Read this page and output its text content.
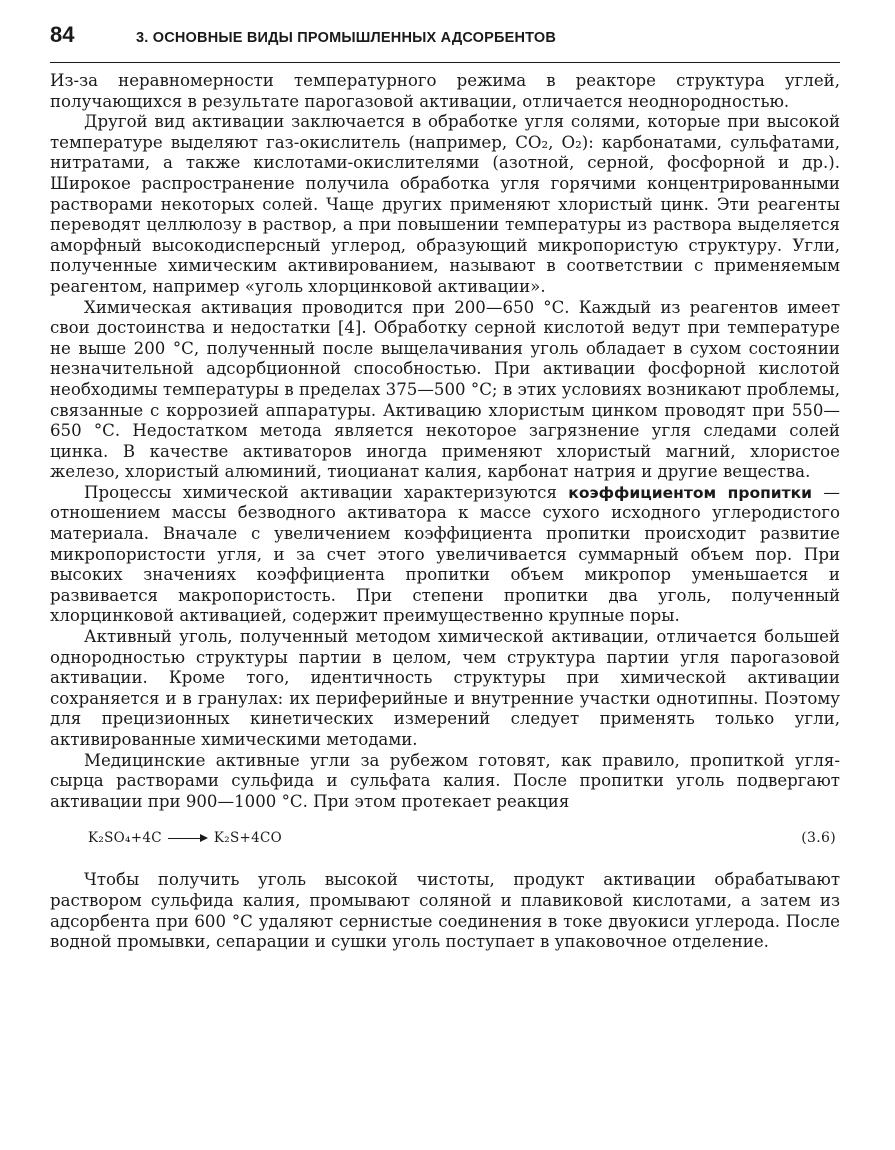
84	3. ОСНОВНЫЕ ВИДЫ ПРОМЫШЛЕННЫХ АДСОРБЕНТОВ

Из-за неравномерности температурного режима в реакторе структура углей, получающихся в результате парогазовой активации, отличается неоднородностью.

Другой вид активации заключается в обработке угля солями, которые при высокой температуре выделяют газ-окислитель (например, CO₂, O₂): карбонатами, сульфатами, нитратами, а также кислотами-окислителями (азотной, серной, фосфорной и др.). Широкое распространение получила обработка угля горячими концентрированными растворами некоторых солей. Чаще других применяют хлористый цинк. Эти реагенты переводят целлюлозу в раствор, а при повышении температуры из раствора выделяется аморфный высокодисперсный углерод, образующий микропористую структуру. Угли, полученные химическим активированием, называют в соответствии с применяемым реагентом, например «уголь хлорцинковой активации».

Химическая активация проводится при 200—650 °С. Каждый из реагентов имеет свои достоинства и недостатки [4]. Обработку серной кислотой ведут при температуре не выше 200 °С, полученный после выщелачивания уголь обладает в сухом состоянии незначительной адсорбционной способностью. При активации фосфорной кислотой необходимы температуры в пределах 375—500 °С; в этих условиях возникают проблемы, связанные с коррозией аппаратуры. Активацию хлористым цинком проводят при 550—650 °С. Недостатком метода является некоторое загрязнение угля следами солей цинка. В качестве активаторов иногда применяют хлористый магний, хлористое железо, хлористый алюминий, тиоцианат калия, карбонат натрия и другие вещества.

Процессы химической активации характеризуются коэффициентом пропитки — отношением массы безводного активатора к массе сухого исходного углеродистого материала. Вначале с увеличением коэффициента пропитки происходит развитие микропористости угля, и за счет этого увеличивается суммарный объем пор. При высоких значениях коэффициента пропитки объем микропор уменьшается и развивается макропористость. При степени пропитки два уголь, полученный хлорцинковой активацией, содержит преимущественно крупные поры.

Активный уголь, полученный методом химической активации, отличается большей однородностью структуры партии в целом, чем структура партии угля парогазовой активации. Кроме того, идентичность структуры при химической активации сохраняется и в гранулах: их периферийные и внутренние участки однотипны. Поэтому для прецизионных кинетических измерений следует применять только угли, активированные химическими методами.

Медицинские активные угли за рубежом готовят, как правило, пропиткой угля-сырца растворами сульфида и сульфата калия. После пропитки уголь подвергают активации при 900—1000 °С. При этом протекает реакция

K₂SO₄+4C	K₂S+4CO	(3.6)

Чтобы получить уголь высокой чистоты, продукт активации обрабатывают раствором сульфида калия, промывают соляной и плавиковой кислотами, а затем из адсорбента при 600 °С удаляют сернистые соединения в токе двуокиси углерода. После водной промывки, сепарации и сушки уголь поступает в упаковочное отделение.
